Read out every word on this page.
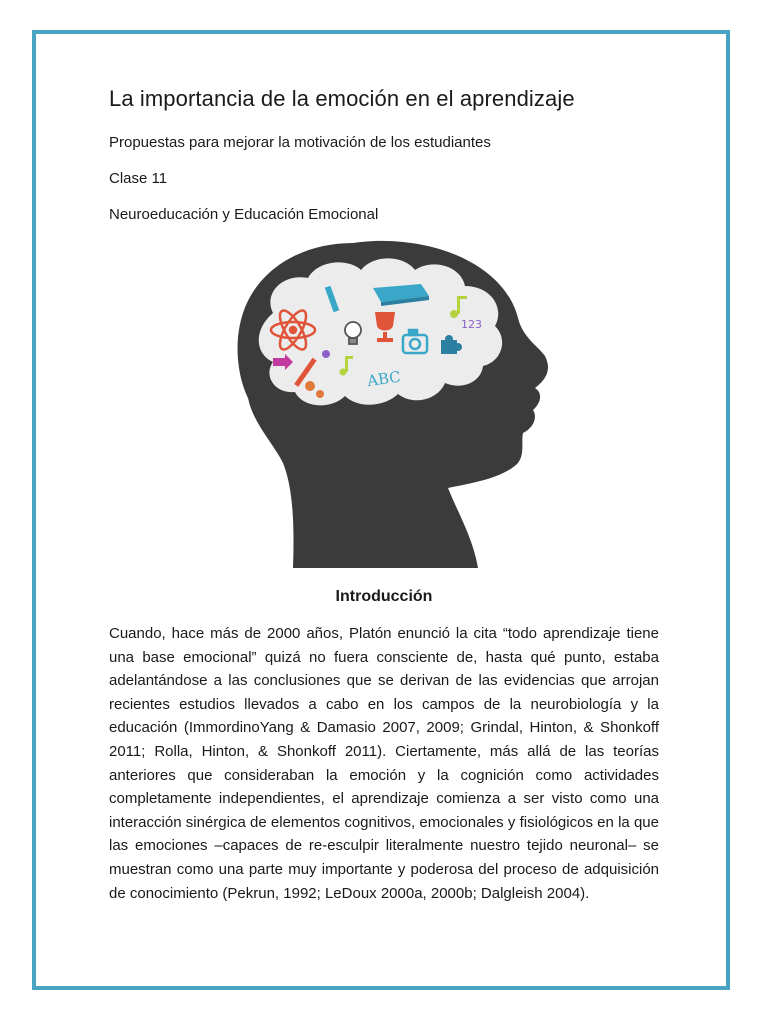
La importancia de la emoción en el aprendizaje

Propuestas para mejorar la motivación de los estudiantes

Clase 11

Neuroeducación y Educación Emocional

123
ABC
Introducción

Cuando, hace más de 2000 años, Platón enunció la cita “todo aprendizaje tiene una base emocional” quizá no fuera consciente de, hasta qué punto, estaba adelantándose a las conclusiones que se derivan de las evidencias que arrojan recientes estudios llevados a cabo en los campos de la neurobiología y la educación (ImmordinoYang & Damasio 2007, 2009; Grindal, Hinton, & Shonkoff 2011; Rolla, Hinton, & Shonkoff 2011). Ciertamente, más allá de las teorías anteriores que consideraban la emoción y la cognición como actividades completamente independientes, el aprendizaje comienza a ser visto como una interacción sinérgica de elementos cognitivos, emocionales y fisiológicos en la que las emociones –capaces de re-esculpir literalmente nuestro tejido neuronal– se muestran como una parte muy importante y poderosa del proceso de adquisición de conocimiento (Pekrun, 1992; LeDoux 2000a, 2000b; Dalgleish 2004).
